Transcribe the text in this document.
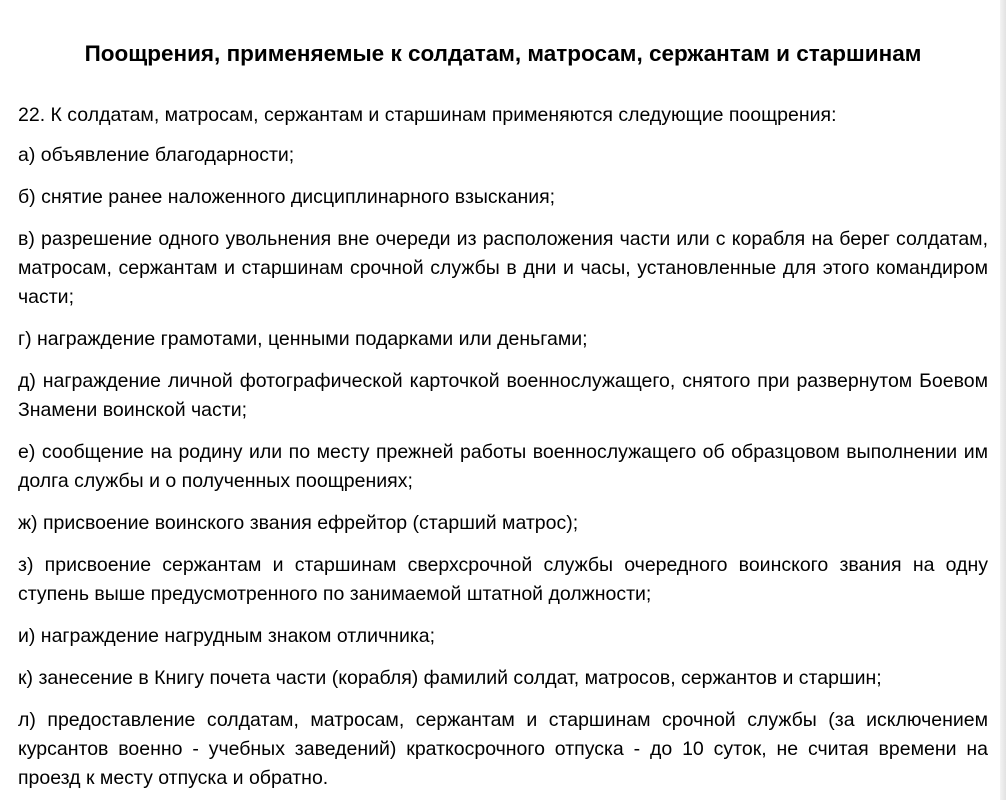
Поощрения, применяемые к солдатам, матросам, сержантам и старшинам

22. К солдатам, матросам, сержантам и старшинам применяются следующие поощрения:

а) объявление благодарности;
б) снятие ранее наложенного дисциплинарного взыскания;
в) разрешение одного увольнения вне очереди из расположения части или с корабля на берег солдатам, матросам, сержантам и старшинам срочной службы в дни и часы, установленные для этого командиром части;
г) награждение грамотами, ценными подарками или деньгами;
д) награждение личной фотографической карточкой военнослужащего, снятого при развернутом Боевом Знамени воинской части;
е) сообщение на родину или по месту прежней работы военнослужащего об образцовом выполнении им долга службы и о полученных поощрениях;
ж) присвоение воинского звания ефрейтор (старший матрос);
з) присвоение сержантам и старшинам сверхсрочной службы очередного воинского звания на одну ступень выше предусмотренного по занимаемой штатной должности;
и) награждение нагрудным знаком отличника;
к) занесение в Книгу почета части (корабля) фамилий солдат, матросов, сержантов и старшин;
л) предоставление солдатам, матросам, сержантам и старшинам срочной службы (за исключением курсантов военно - учебных заведений) краткосрочного отпуска - до 10 суток, не считая времени на проезд к месту отпуска и обратно.
